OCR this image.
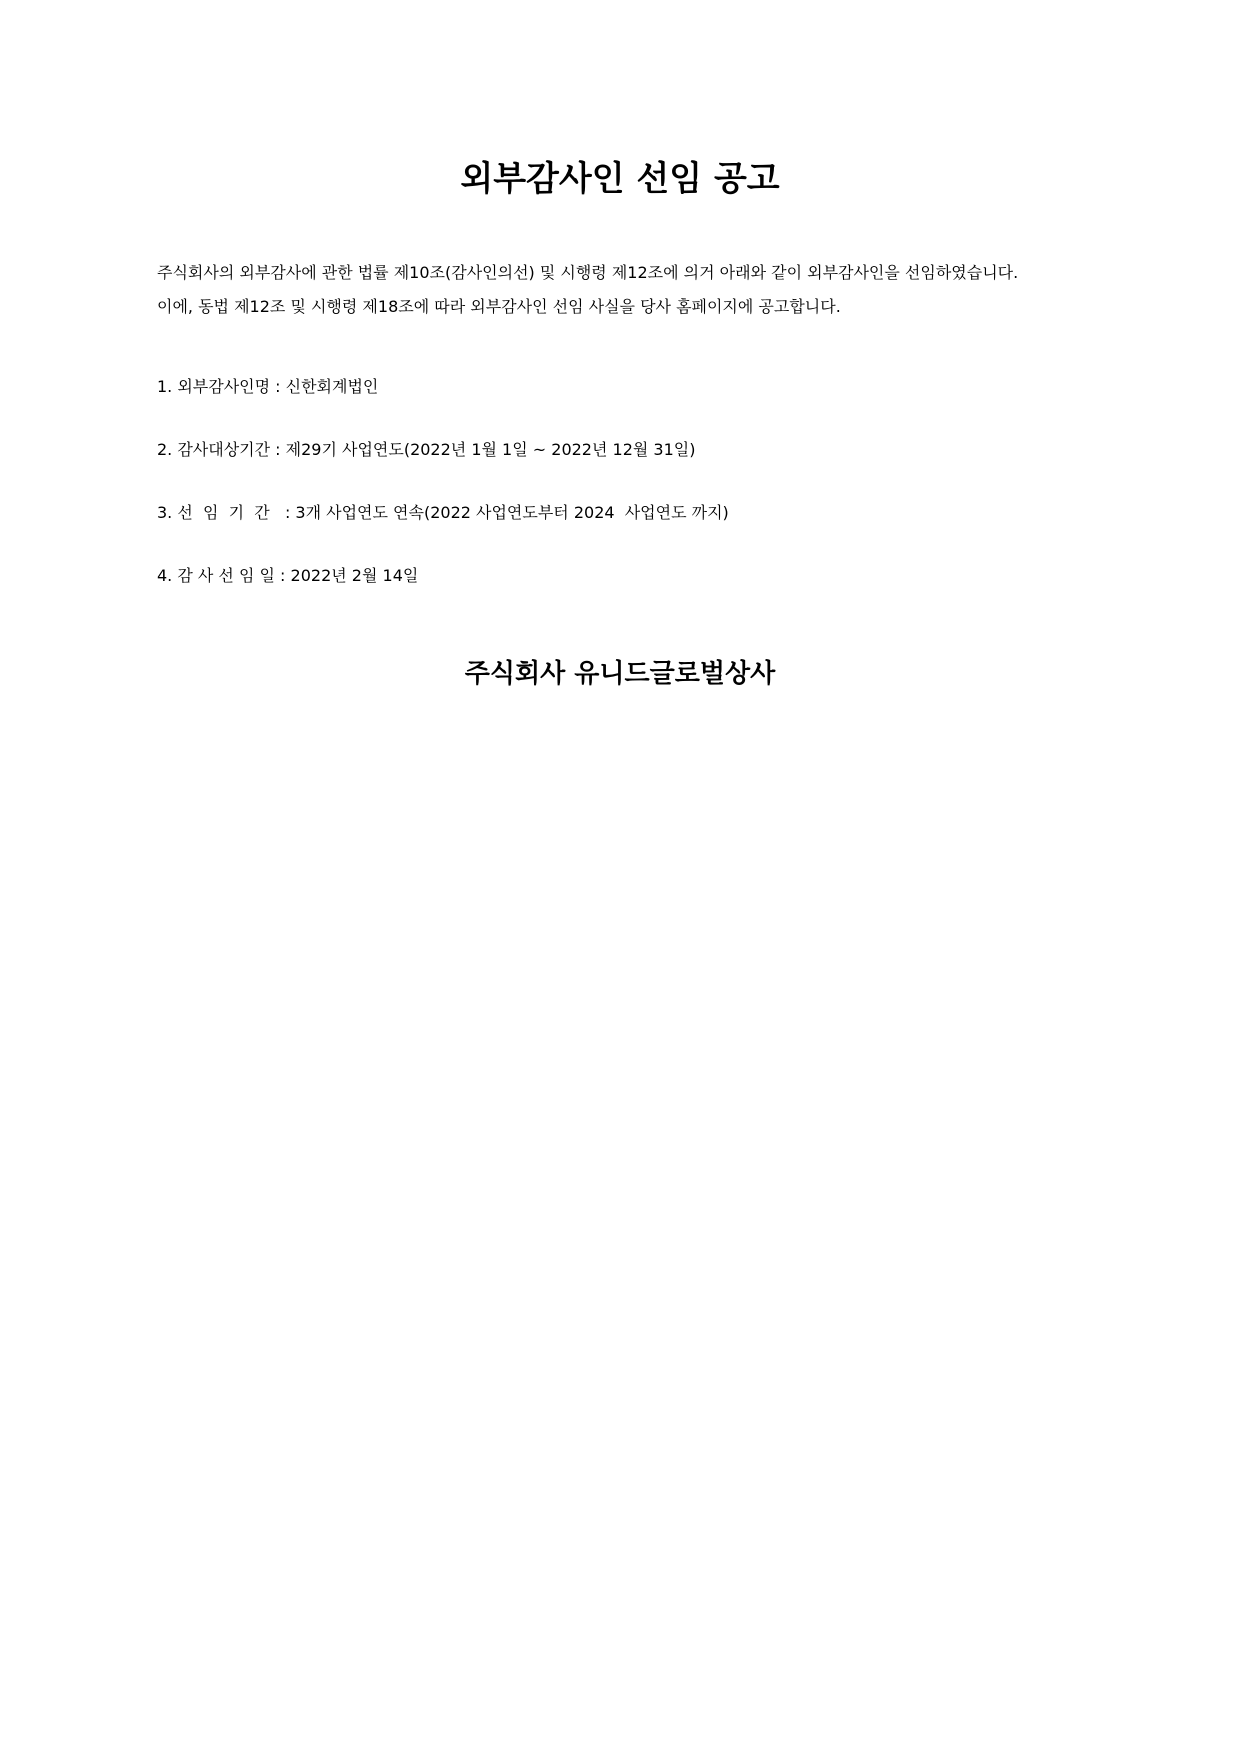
외부감사인 선임 공고

주식회사의 외부감사에 관한 법률 제10조(감사인의선) 및 시행령 제12조에 의거 아래와 같이 외부감사인을 선임하였습니다.

이에, 동법 제12조 및 시행령 제18조에 따라 외부감사인 선임 사실을 당사 홈페이지에 공고합니다.

1. 외부감사인명 : 신한회계법인

2. 감사대상기간 : 제29기 사업연도(2022년 1월 1일 ~ 2022년 12월 31일)

3. 선  임  기  간   : 3개 사업연도 연속(2022 사업연도부터 2024  사업연도 까지)

4. 감 사 선 임 일 : 2022년 2월 14일

주식회사 유니드글로벌상사
